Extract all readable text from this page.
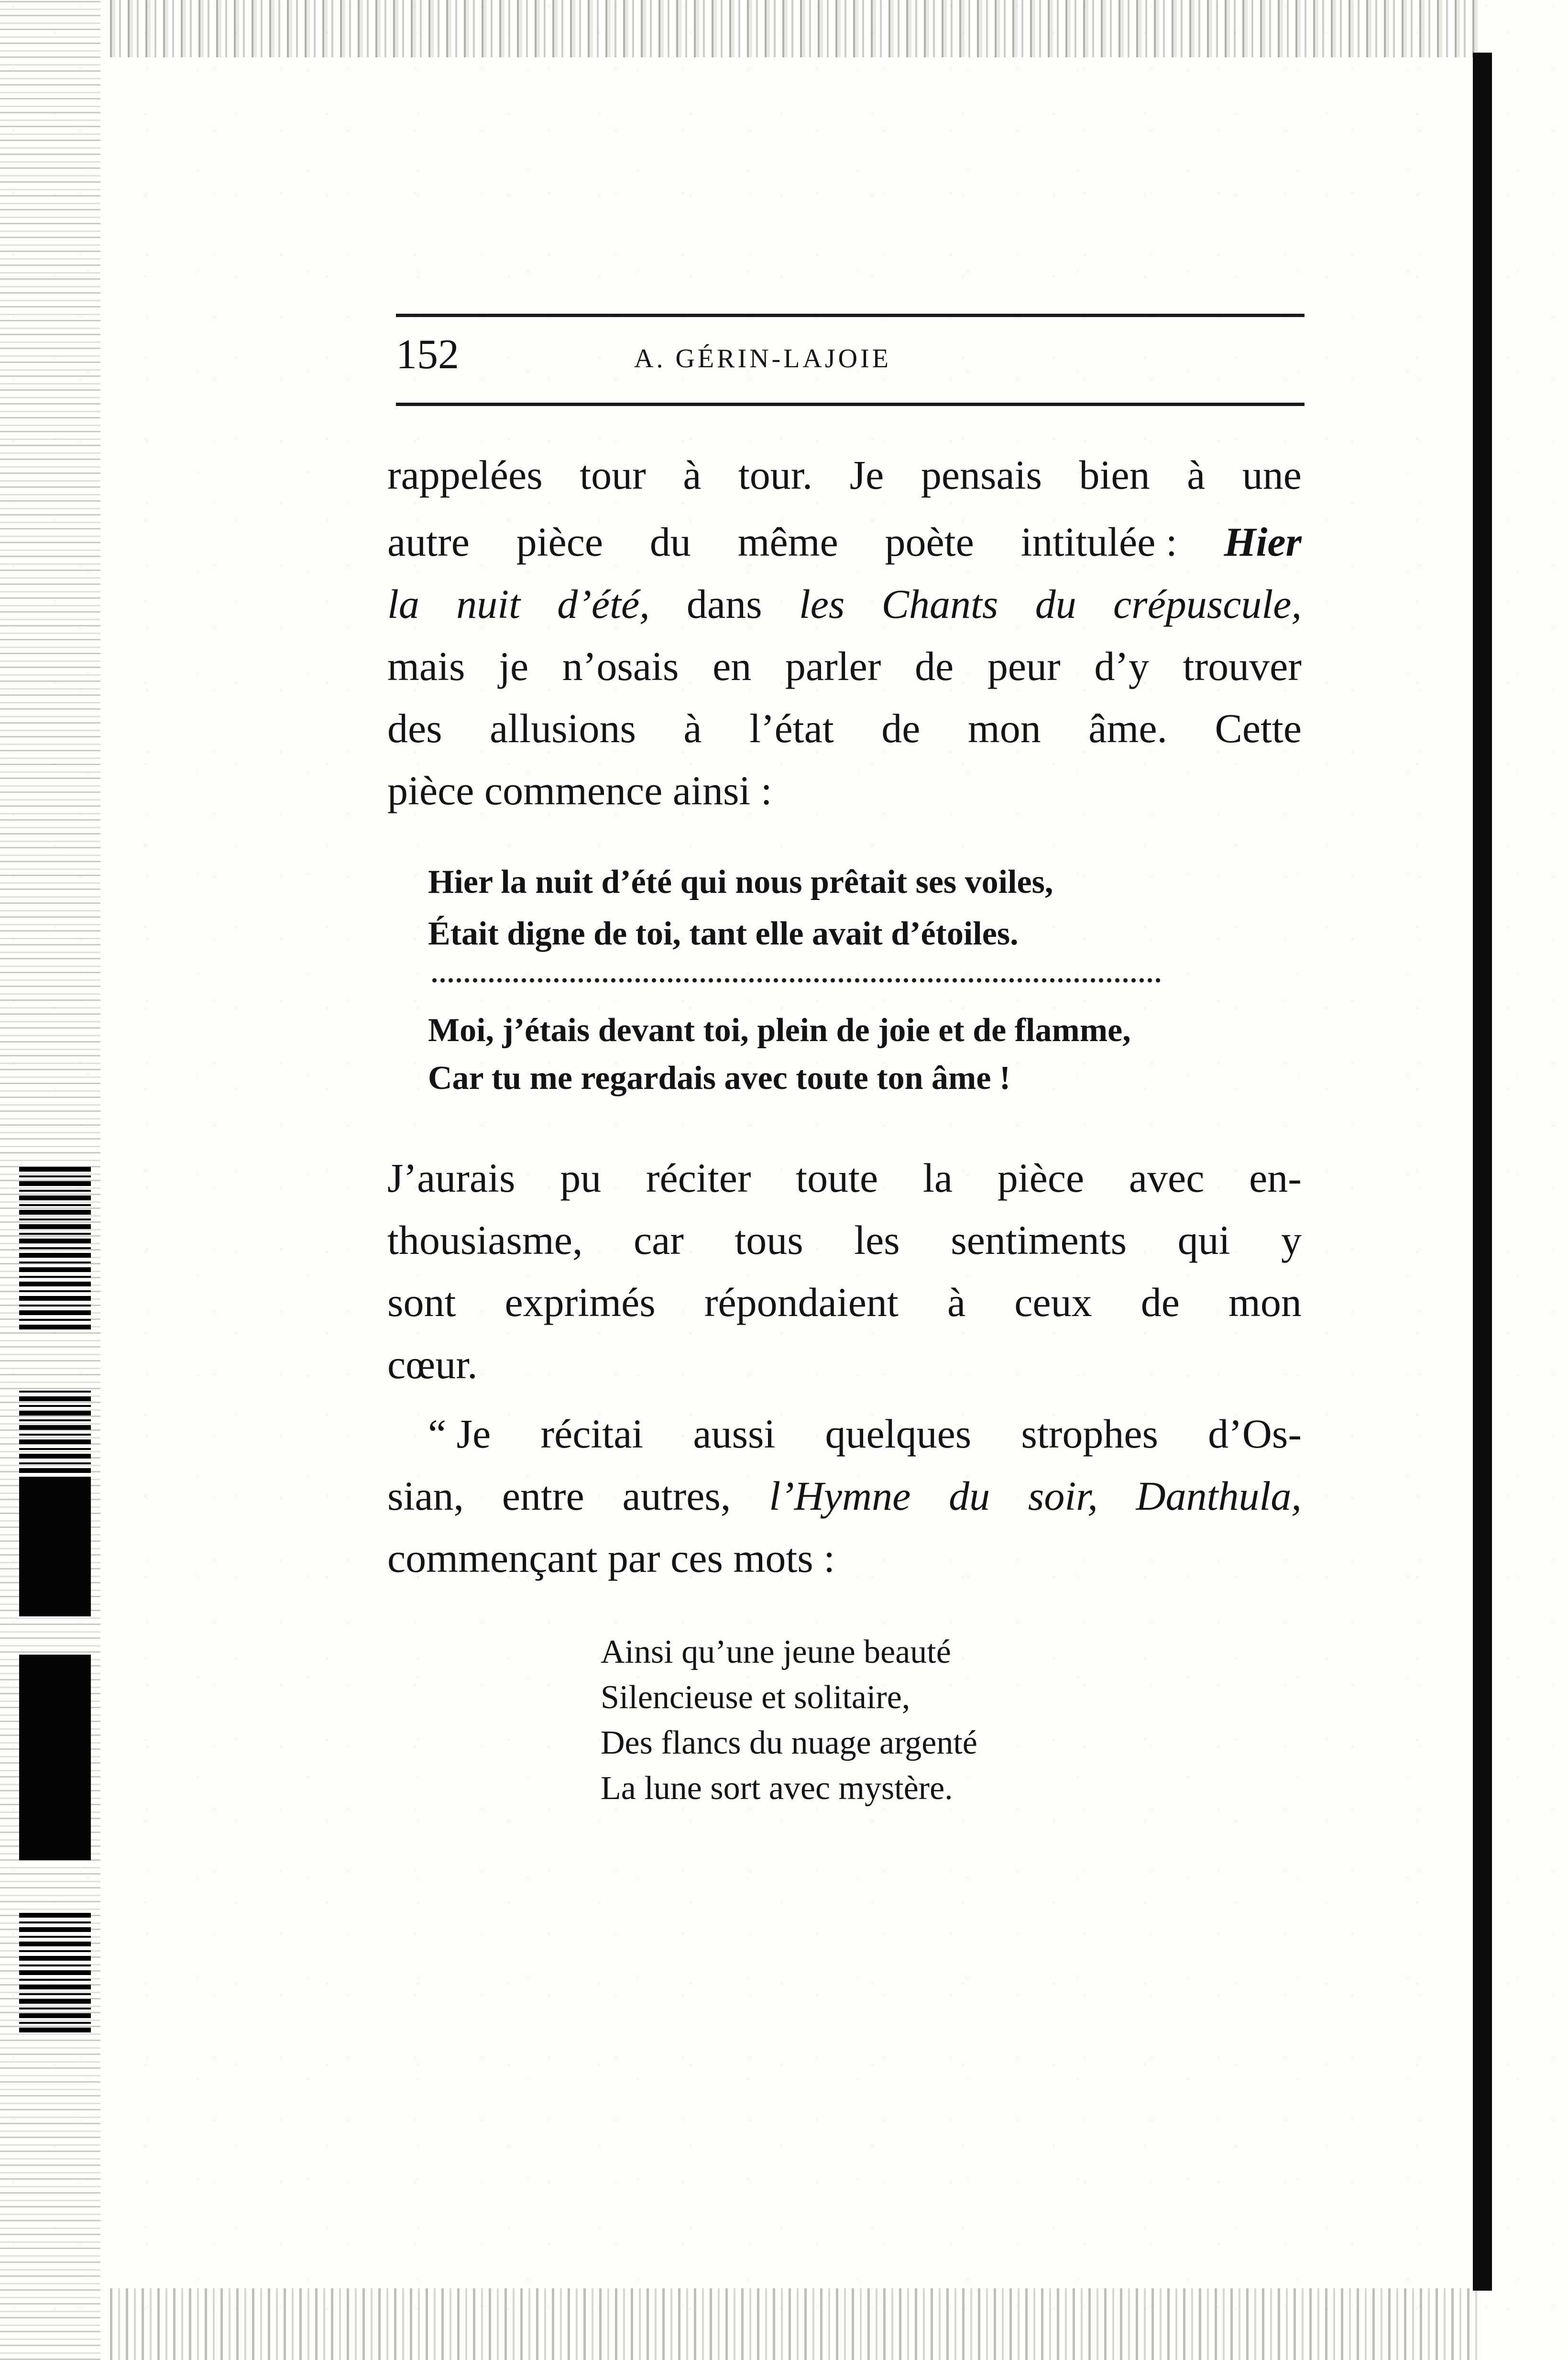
152	A. GÉRIN-LAJOIE
rappelées tour à tour. Je pensais bien à une
autre pièce du même poète intitulée : Hier
la nuit d’été, dans les Chants du crépuscule,
mais je n’osais en parler de peur d’y trouver
des allusions à l’état de mon âme. Cette
pièce commence ainsi :
Hier la nuit d’été qui nous prêtait ses voiles,
Était digne de toi, tant elle avait d’étoiles.
Moi, j’étais devant toi, plein de joie et de flamme,
Car tu me regardais avec toute ton âme !
J’aurais pu réciter toute la pièce avec en-
thousiasme, car tous les sentiments qui y
sont exprimés répondaient à ceux de mon
cœur.
“ Je récitai aussi quelques strophes d’Os-
sian, entre autres, l’Hymne du soir, Danthula,
commençant par ces mots :
Ainsi qu’une jeune beauté
Silencieuse et solitaire,
Des flancs du nuage argenté
La lune sort avec mystère.
